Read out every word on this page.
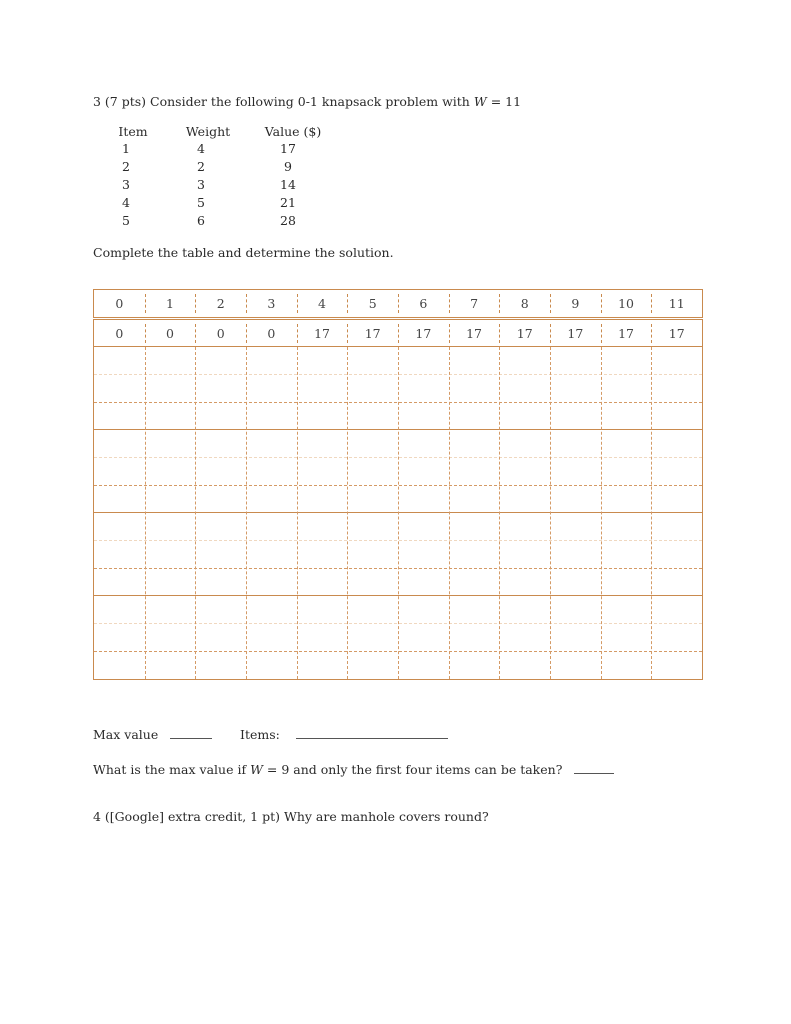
3 (7 pts) Consider the following 0-1 knapsack problem with W = 11
Item	Weight	Value ($)
1	4	17
2	2	9
3	3	14
4	5	21
5	6	28
Complete the table and determine the solution.
0	1	2	3	4	5	6	7	8	9	10	11
0	0	0	0	17	17	17	17	17	17	17	17
Max value	Items:
What is the max value if W = 9 and only the first four items can be taken?
4 ([Google] extra credit, 1 pt) Why are manhole covers round?
